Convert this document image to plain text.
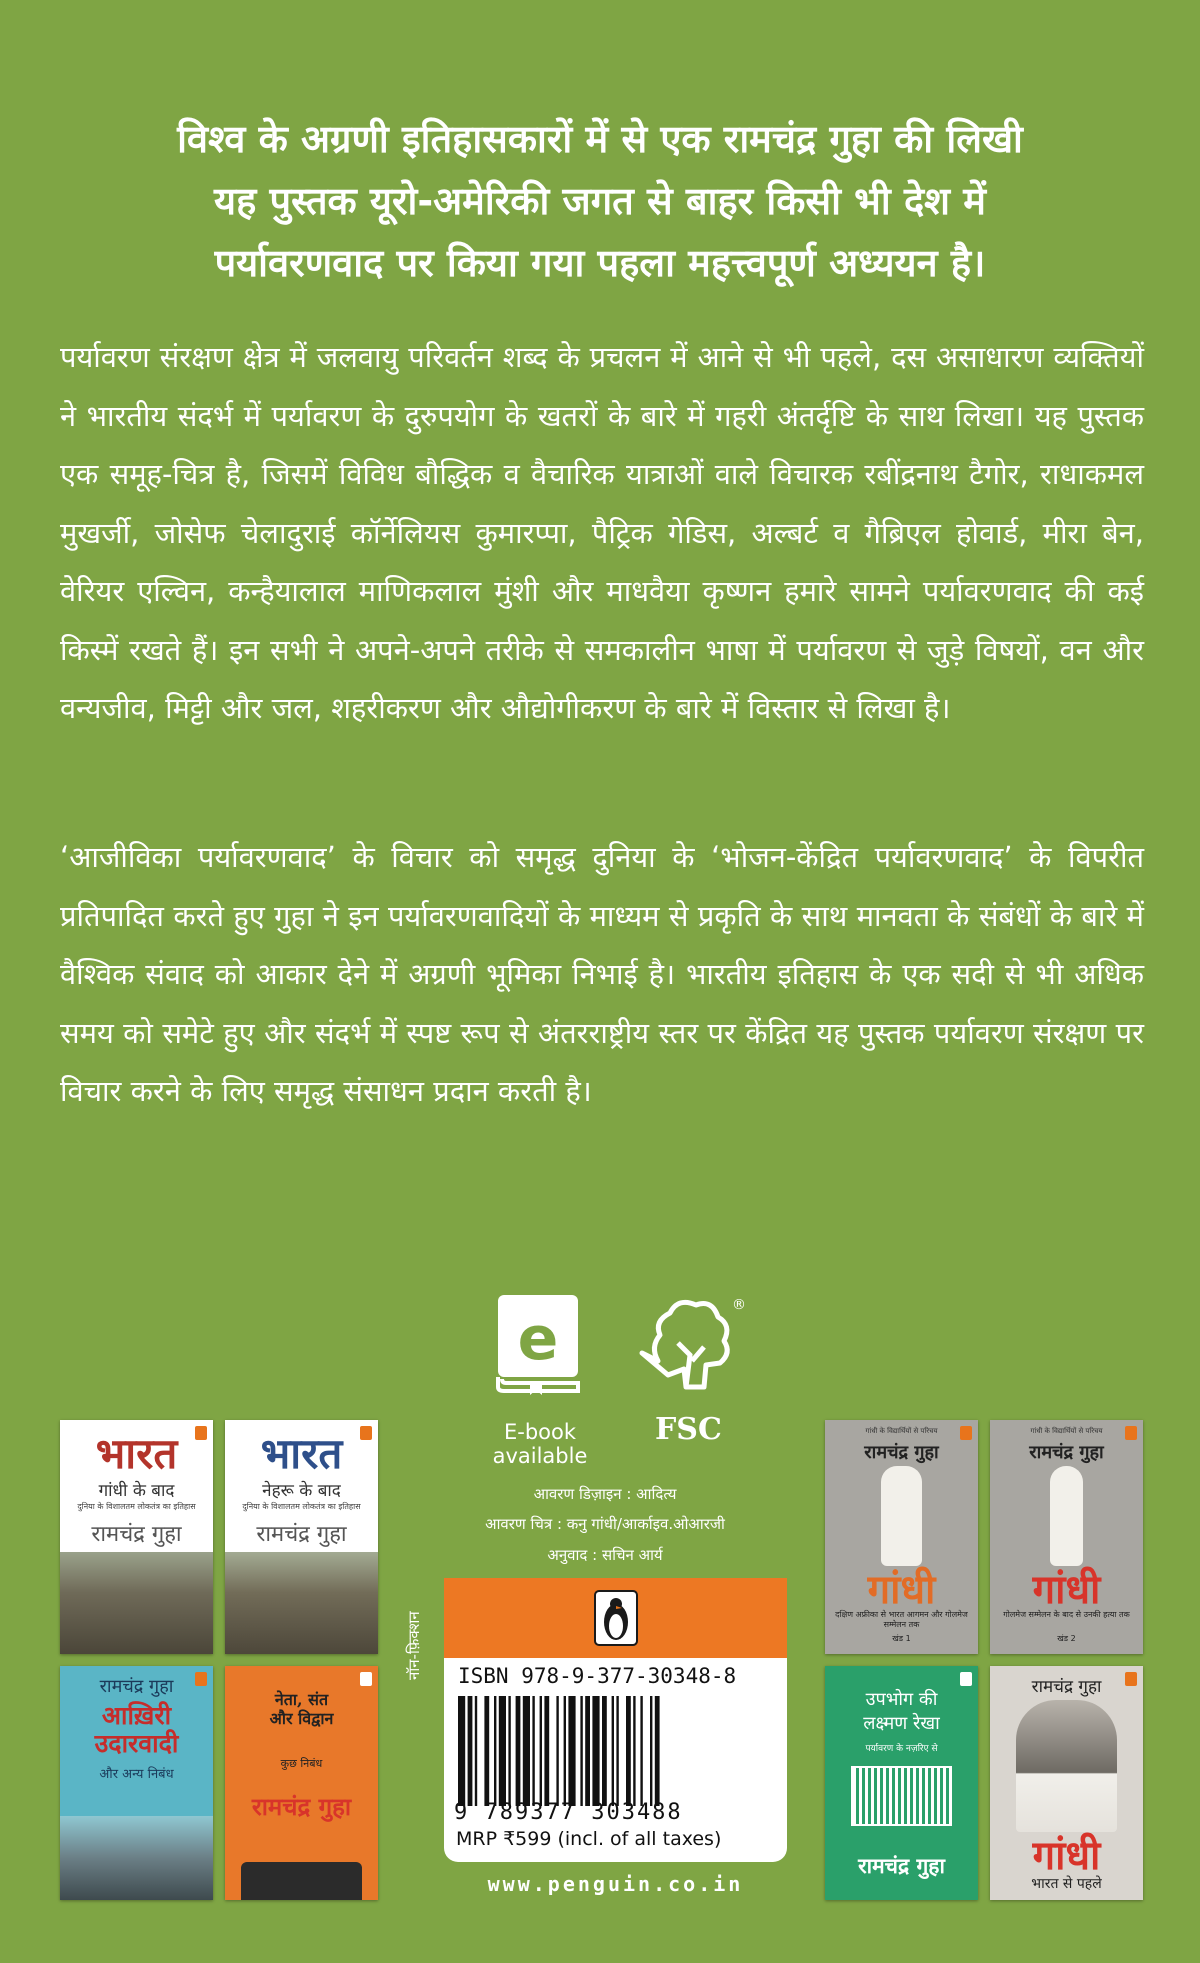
विश्व के अग्रणी इतिहासकारों में से एक रामचंद्र गुहा की लिखी
यह पुस्तक यूरो-अमेरिकी जगत से बाहर किसी भी देश में
पर्यावरणवाद पर किया गया पहला महत्त्वपूर्ण अध्ययन है।
पर्यावरण संरक्षण क्षेत्र में जलवायु परिवर्तन शब्द के प्रचलन में आने से भी पहले, दस असाधारण व्यक्तियों ने भारतीय संदर्भ में पर्यावरण के दुरुपयोग के खतरों के बारे में गहरी अंतर्दृष्टि के साथ लिखा। यह पुस्तक एक समूह-चित्र है, जिसमें विविध बौद्धिक व वैचारिक यात्राओं वाले विचारक रबींद्रनाथ टैगोर, राधाकमल मुखर्जी, जोसेफ चेलादुराई कॉर्नेलियस कुमारप्पा, पैट्रिक गेडिस, अल्बर्ट व गैब्रिएल होवार्ड, मीरा बेन, वेरियर एल्विन, कन्हैयालाल माणिकलाल मुंशी और माधवैया कृष्णन हमारे सामने पर्यावरणवाद की कई किस्में रखते हैं। इन सभी ने अपने-अपने तरीके से समकालीन भाषा में पर्यावरण से जुड़े विषयों, वन और वन्यजीव, मिट्टी और जल, शहरीकरण और औद्योगीकरण के बारे में विस्तार से लिखा है।
‘आजीविका पर्यावरणवाद’ के विचार को समृद्ध दुनिया के ‘भोजन-केंद्रित पर्यावरणवाद’ के विपरीत प्रतिपादित करते हुए गुहा ने इन पर्यावरणवादियों के माध्यम से प्रकृति के साथ मानवता के संबंधों के बारे में वैश्विक संवाद को आकार देने में अग्रणी भूमिका निभाई है। भारतीय इतिहास के एक सदी से भी अधिक समय को समेटे हुए और संदर्भ में स्पष्ट रूप से अंतरराष्ट्रीय स्तर पर केंद्रित यह पुस्तक पर्यावरण संरक्षण पर विचार करने के लिए समृद्ध संसाधन प्रदान करती है।
e
E-book available
®
FSC
आवरण डिज़ाइन : आदित्य
आवरण चित्र : कनु गांधी/आर्काइव.ओआरजी
अनुवाद : सचिन आर्य
नॉन-फ़िक्शन ISBN 978-9-377-30348-8
9 789377 303488
MRP ₹599 (incl. of all taxes)
www.penguin.co.in
भारत
गांधी के बाद
दुनिया के विशालतम लोकतंत्र का इतिहास
रामचंद्र गुहा
भारत
नेहरू के बाद
दुनिया के विशालतम लोकतंत्र का इतिहास
रामचंद्र गुहा
रामचंद्र गुहा
आख़िरी उदारवादी
और अन्य निबंध
नेता, संत और विद्वान
कुछ निबंध
रामचंद्र गुहा
गांधी के विद्यार्थियों से परिचय
रामचंद्र गुहा
गांधी
दक्षिण अफ्रीका से भारत आगमन और गोलमेज सम्मेलन तक
खंड 1
गांधी के विद्यार्थियों से परिचय
रामचंद्र गुहा
गांधी
गोलमेज सम्मेलन के बाद से उनकी हत्या तक
खंड 2
उपभोग की लक्ष्मण रेखा
पर्यावरण के नज़रिए से
रामचंद्र गुहा
रामचंद्र गुहा
गांधी
भारत से पहले
